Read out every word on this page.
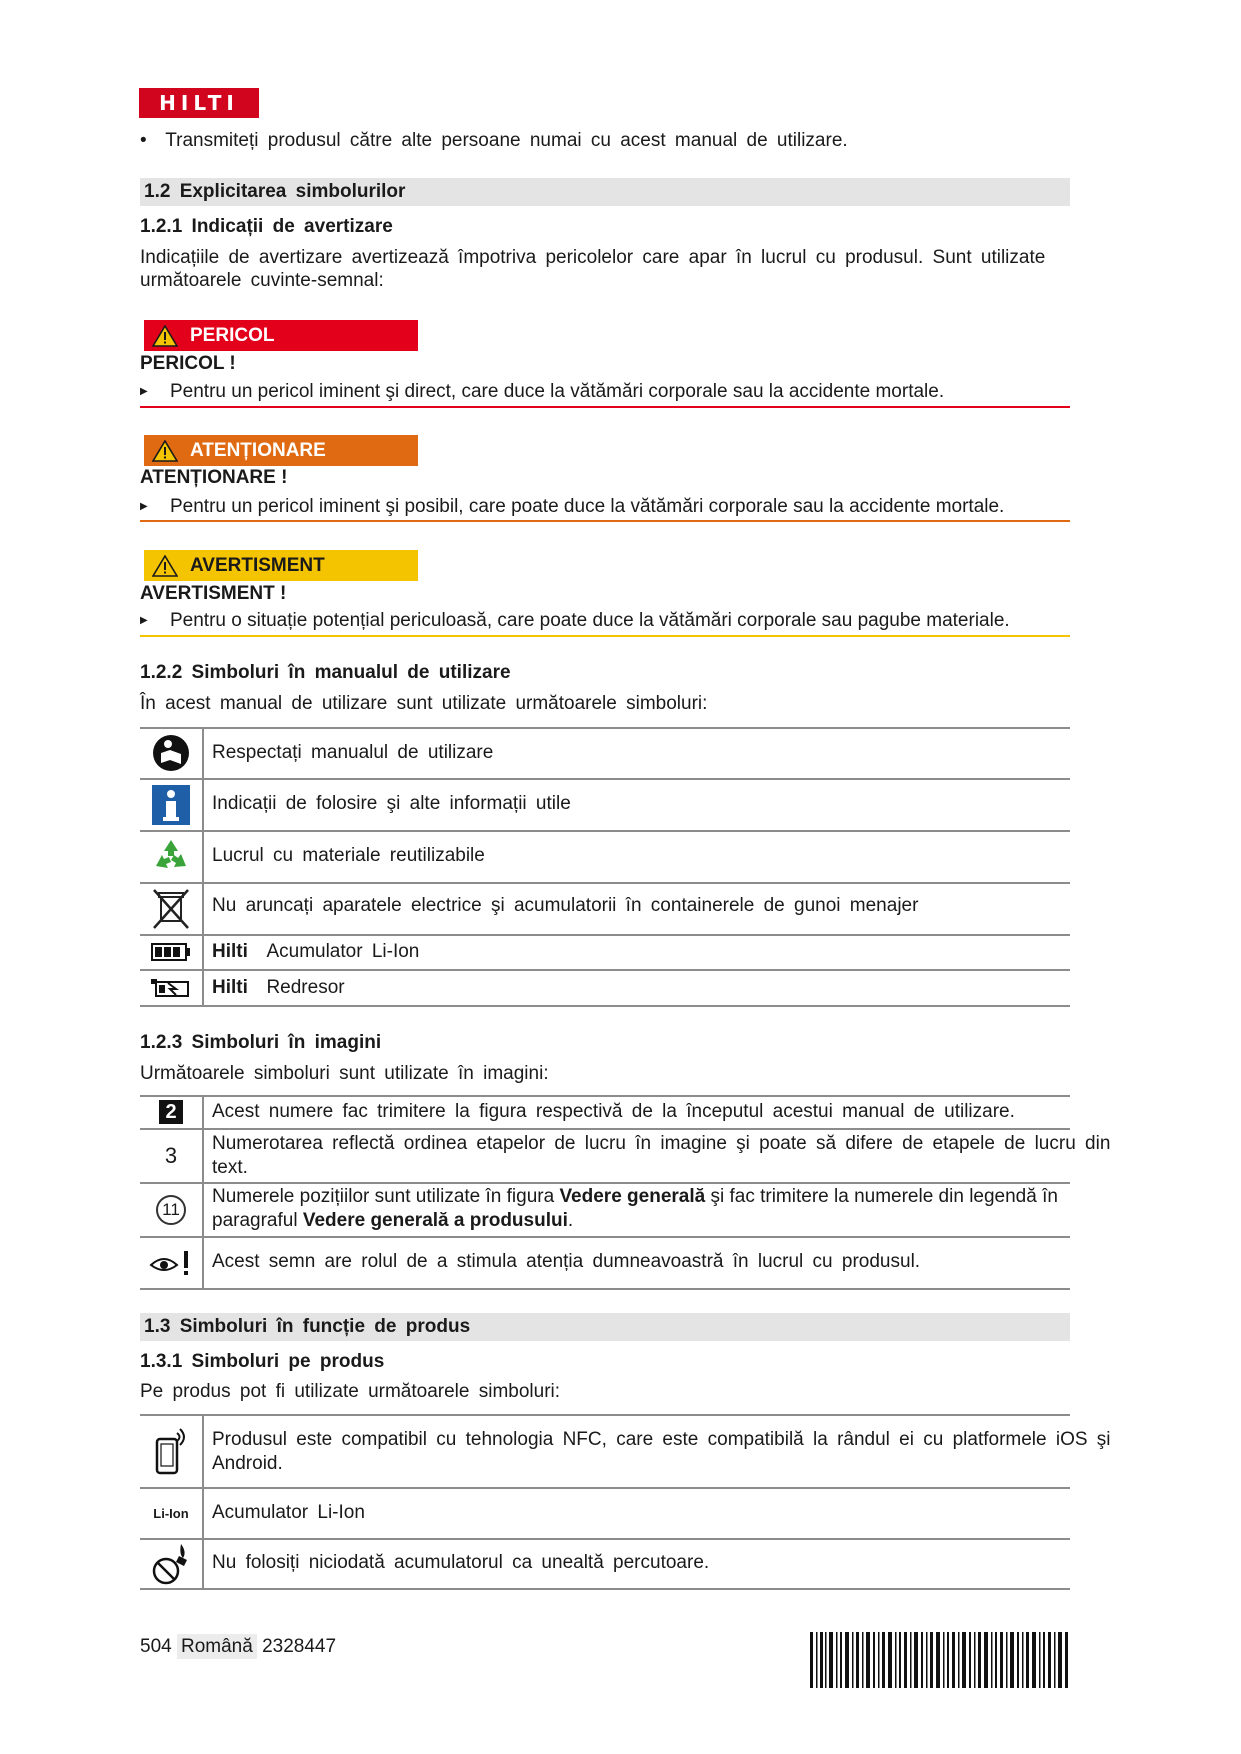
HILTI
•  Transmiteți produsul către alte persoane numai cu acest manual de utilizare.
1.2 Explicitarea simbolurilor
1.2.1 Indicații de avertizare
Indicațiile de avertizare avertizează împotriva pericolelor care apar în lucrul cu produsul. Sunt utilizate următoarele cuvinte-semnal:
PERICOL
PERICOL !
▶ Pentru un pericol iminent şi direct, care duce la vătămări corporale sau la accidente mortale.
ATENȚIONARE
ATENȚIONARE !
▶ Pentru un pericol iminent şi posibil, care poate duce la vătămări corporale sau la accidente mortale.
AVERTISMENT
AVERTISMENT !
▶ Pentru o situație potențial periculoasă, care poate duce la vătămări corporale sau pagube materiale.
1.2.2 Simboluri în manualul de utilizare
În acest manual de utilizare sunt utilizate următoarele simboluri:
Respectați manualul de utilizare
Indicații de folosire şi alte informații utile
Lucrul cu materiale reutilizabile
Nu aruncați aparatele electrice şi acumulatorii în containerele de gunoi menajer
Hilti Acumulator Li-Ion
Hilti Redresor
1.2.3 Simboluri în imagini
Următoarele simboluri sunt utilizate în imagini:
2	Acest numere fac trimitere la figura respectivă de la începutul acestui manual de utilizare.
3 Numerotarea reflectă ordinea etapelor de lucru în imagine şi poate să difere de etapele de lucru din text.
11
Numerele pozițiilor sunt utilizate în figura Vedere generală şi fac trimitere la numerele din legendă în paragraful Vedere generală a produsului.
Acest semn are rolul de a stimula atenția dumneavoastră în lucrul cu produsul.
1.3 Simboluri în funcție de produs
1.3.1 Simboluri pe produs
Pe produs pot fi utilizate următoarele simboluri:
Produsul este compatibil cu tehnologia NFC, care este compatibilă la rândul ei cu platformele iOS şi Android.
Li-Ion Acumulator Li-Ion
Nu folosiți niciodată acumulatorul ca unealtă percutoare.
504 Română 2328447
